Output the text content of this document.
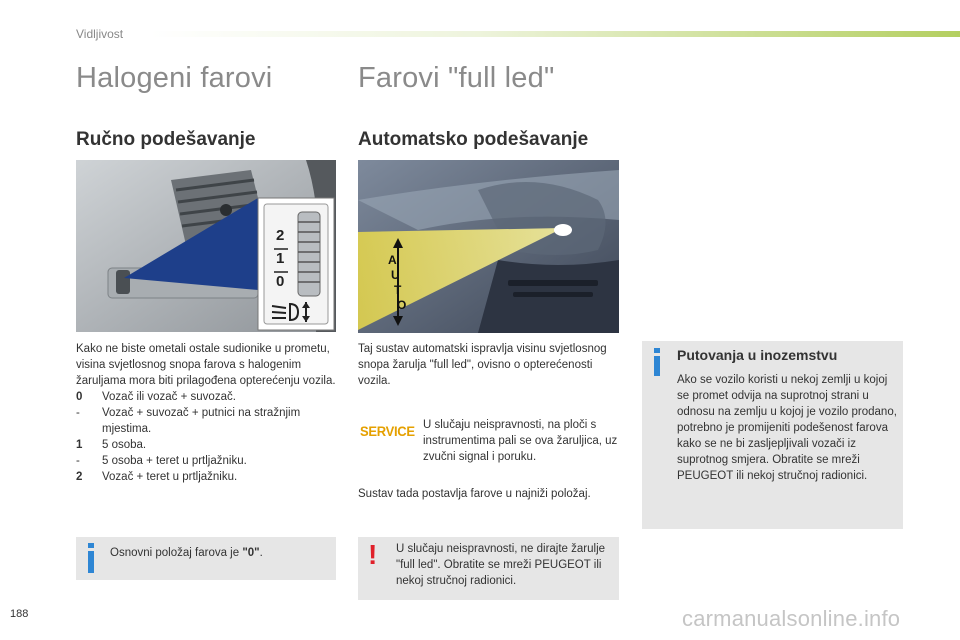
Vidljivost
Halogeni farovi
Ručno podešavanje
2
1
0

Kako ne biste ometali ostale sudionike u prometu, visina svjetlosnog snopa farova s halogenim žaruljama mora biti prilagođena opterećenju vozila.

0	Vozač ili vozač + suvozač.
-	Vozač + suvozač + putnici na stražnjim mjestima.
1	5 osoba.
-	5 osoba + teret u prtljažniku.
2	Vozač + teret u prtljažniku.
Osnovni položaj farova je "0".
Farovi "full led"
Automatsko podešavanje
A
U
T
O
Taj sustav automatski ispravlja visinu svjetlosnog snopa žarulja "full led", ovisno o opterećenosti vozila.
SERVICE U slučaju neispravnosti, na ploči s instrumentima pali se ova žaruljica, uz zvučni signal i poruku.
Sustav tada postavlja farove u najniži položaj.
! U slučaju neispravnosti, ne dirajte žarulje "full led". Obratite se mreži PEUGEOT ili nekoj stručnoj radionici.
Putovanja u inozemstvu
Ako se vozilo koristi u nekoj zemlji u kojoj se promet odvija na suprotnoj strani u odnosu na zemlju u kojoj je vozilo prodano, potrebno je promijeniti podešenost farova kako se ne bi zasljepljivali vozači iz suprotnog smjera. Obratite se mreži PEUGEOT ili nekoj stručnoj radionici.
188	carmanualsonline.info
